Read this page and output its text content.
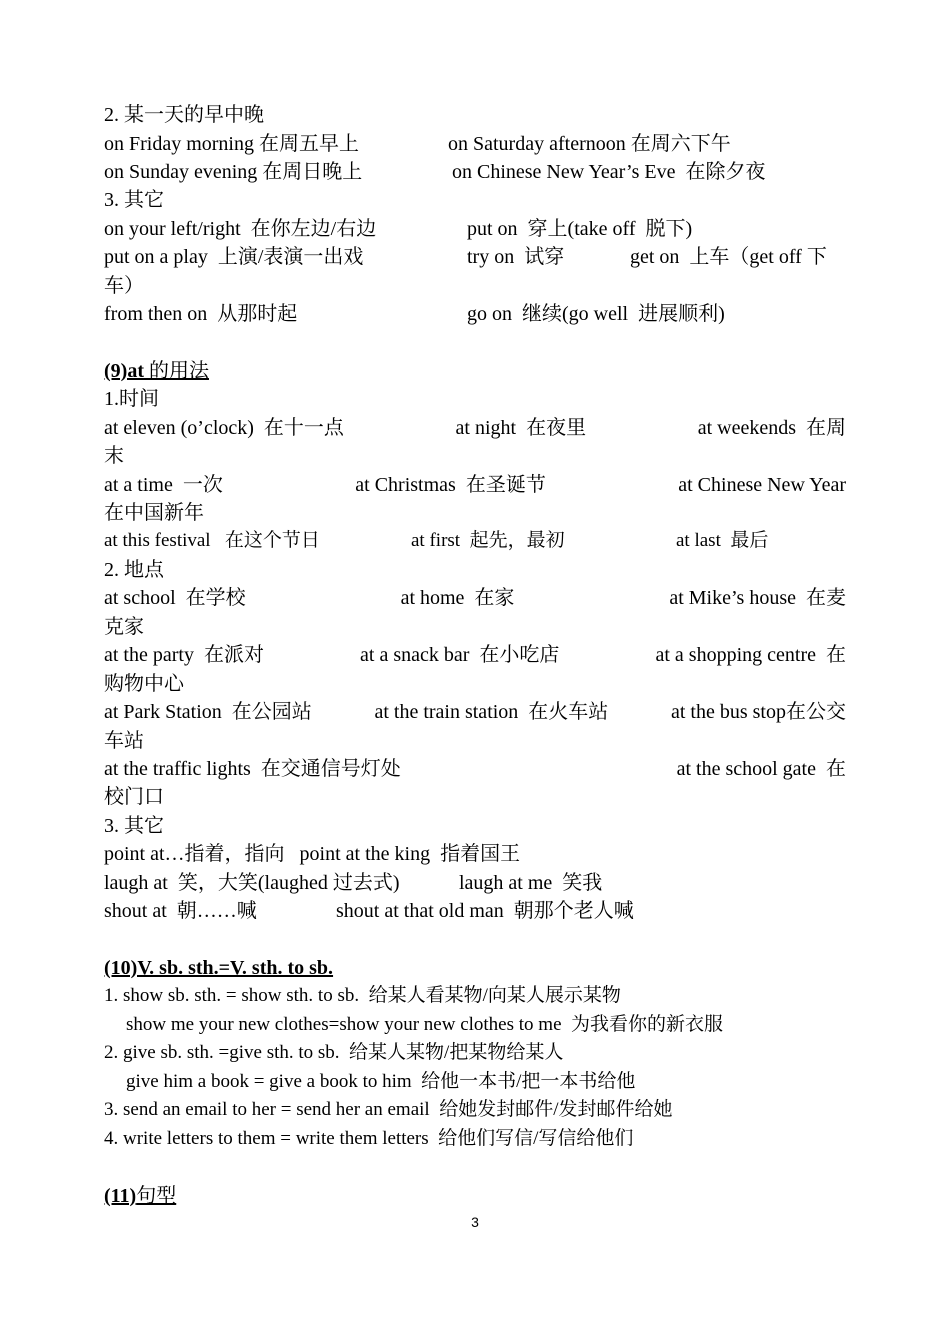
2. 某一天的早中晚
on Friday morning 在周五早上	on Saturday afternoon 在周六下午
on Sunday evening 在周日晚上	on Chinese New Year’s Eve  在除夕夜
3. 其它
on your left/right  在你左边/右边	put on  穿上(take off  脱下)
put on a play  上演/表演一出戏	try on  试穿	get on  上车（get off 下
车）
from then on  从那时起	go on  继续(go well  进展顺利)
(9)at 的用法
1.时间
at eleven (o’clock)  在十一点	at night  在夜里	at weekends  在周
末
at a time  一次	at Christmas  在圣诞节	at Chinese New Year
在中国新年
at this festival   在这个节日	at first  起先，最初	at last  最后
2. 地点
at school  在学校	at home  在家	at Mike’s house  在麦
克家
at the party  在派对	at a snack bar  在小吃店	at a shopping centre  在
购物中心
at Park Station  在公园站	at the train station  在火车站	at the bus stop在公交
车站
at the traffic lights  在交通信号灯处	at the school gate  在
校门口
3. 其它
point at…指着，指向   point at the king  指着国王
laugh at  笑，大笑(laughed 过去式)	laugh at me  笑我
shout at  朝……喊	shout at that old man  朝那个老人喊
(10)V. sb. sth.=V. sth. to sb.
1. show sb. sth. = show sth. to sb.  给某人看某物/向某人展示某物
show me your new clothes=show your new clothes to me  为我看你的新衣服
2. give sb. sth. =give sth. to sb.  给某人某物/把某物给某人
give him a book = give a book to him  给他一本书/把一本书给他
3. send an email to her = send her an email  给她发封邮件/发封邮件给她
4. write letters to them = write them letters  给他们写信/写信给他们
(11)句型
3
